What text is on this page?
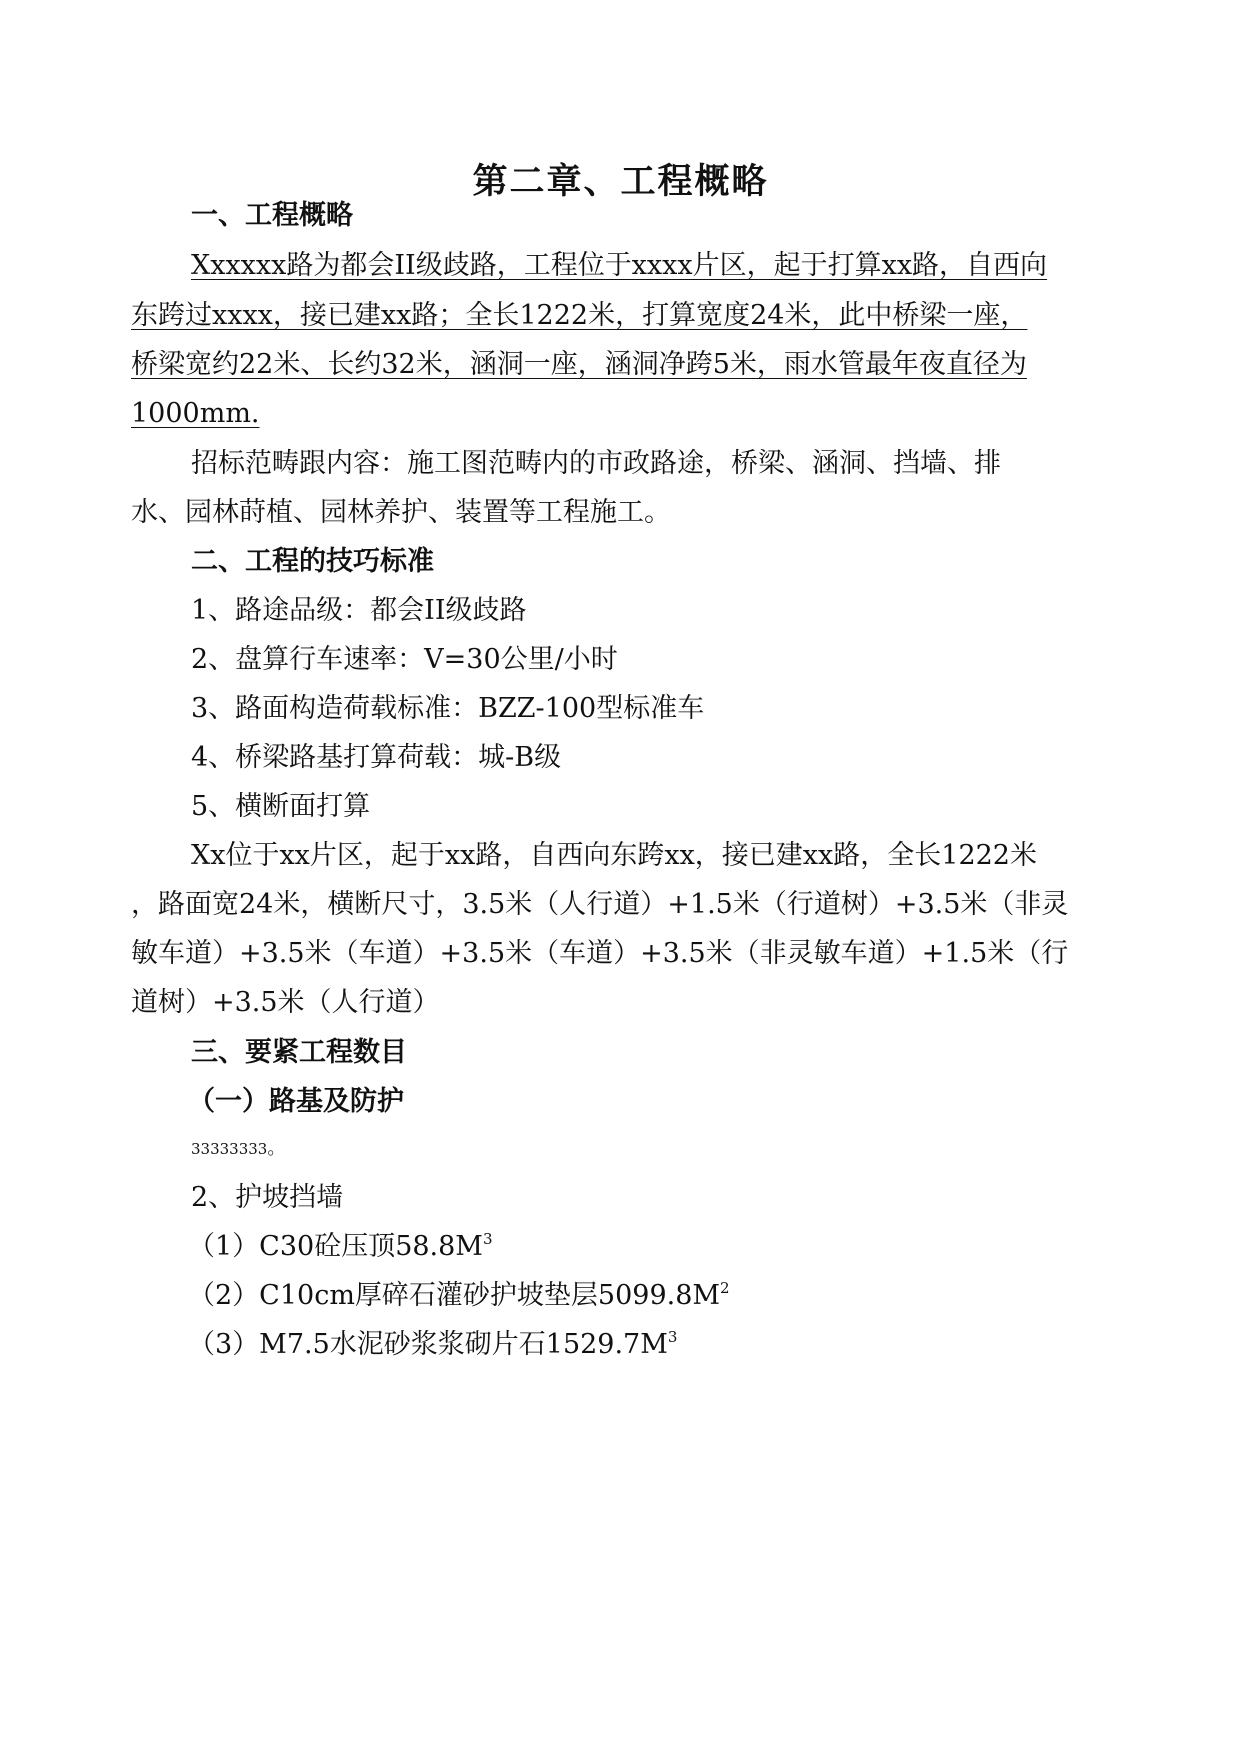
第二章、工程概略
一、工程概略
Xxxxxx路为都会II级歧路，工程位于xxxx片区，起于打算xx路，自西向
东跨过xxxx，接已建xx路；全长1222米，打算宽度24米，此中桥梁一座，
桥梁宽约22米、长约32米，涵洞一座，涵洞净跨5米，雨水管最年夜直径为
1000mm.
招标范畴跟内容：施工图范畴内的市政路途，桥梁、涵洞、挡墙、排
水、园林莳植、园林养护、装置等工程施工。
二、工程的技巧标准
1、路途品级：都会II级歧路
2、盘算行车速率：V=30公里/小时
3、路面构造荷载标准：BZZ-100型标准车
4、桥梁路基打算荷载：城-B级
5、横断面打算
Xx位于xx片区，起于xx路，自西向东跨xx，接已建xx路，全长1222米
，路面宽24米，横断尺寸，3.5米（人行道）+1.5米（行道树）+3.5米（非灵
敏车道）+3.5米（车道）+3.5米（车道）+3.5米（非灵敏车道）+1.5米（行
道树）+3.5米（人行道）
三、要紧工程数目
（一）路基及防护
33333333。
2、护坡挡墙
（1）C30砼压顶$58.8M^3$
（2）C10cm厚碎石灌砂护坡垫层$5099.8M^2$
（3）M7.5水泥砂浆浆砌片石$1529.7M^3$
